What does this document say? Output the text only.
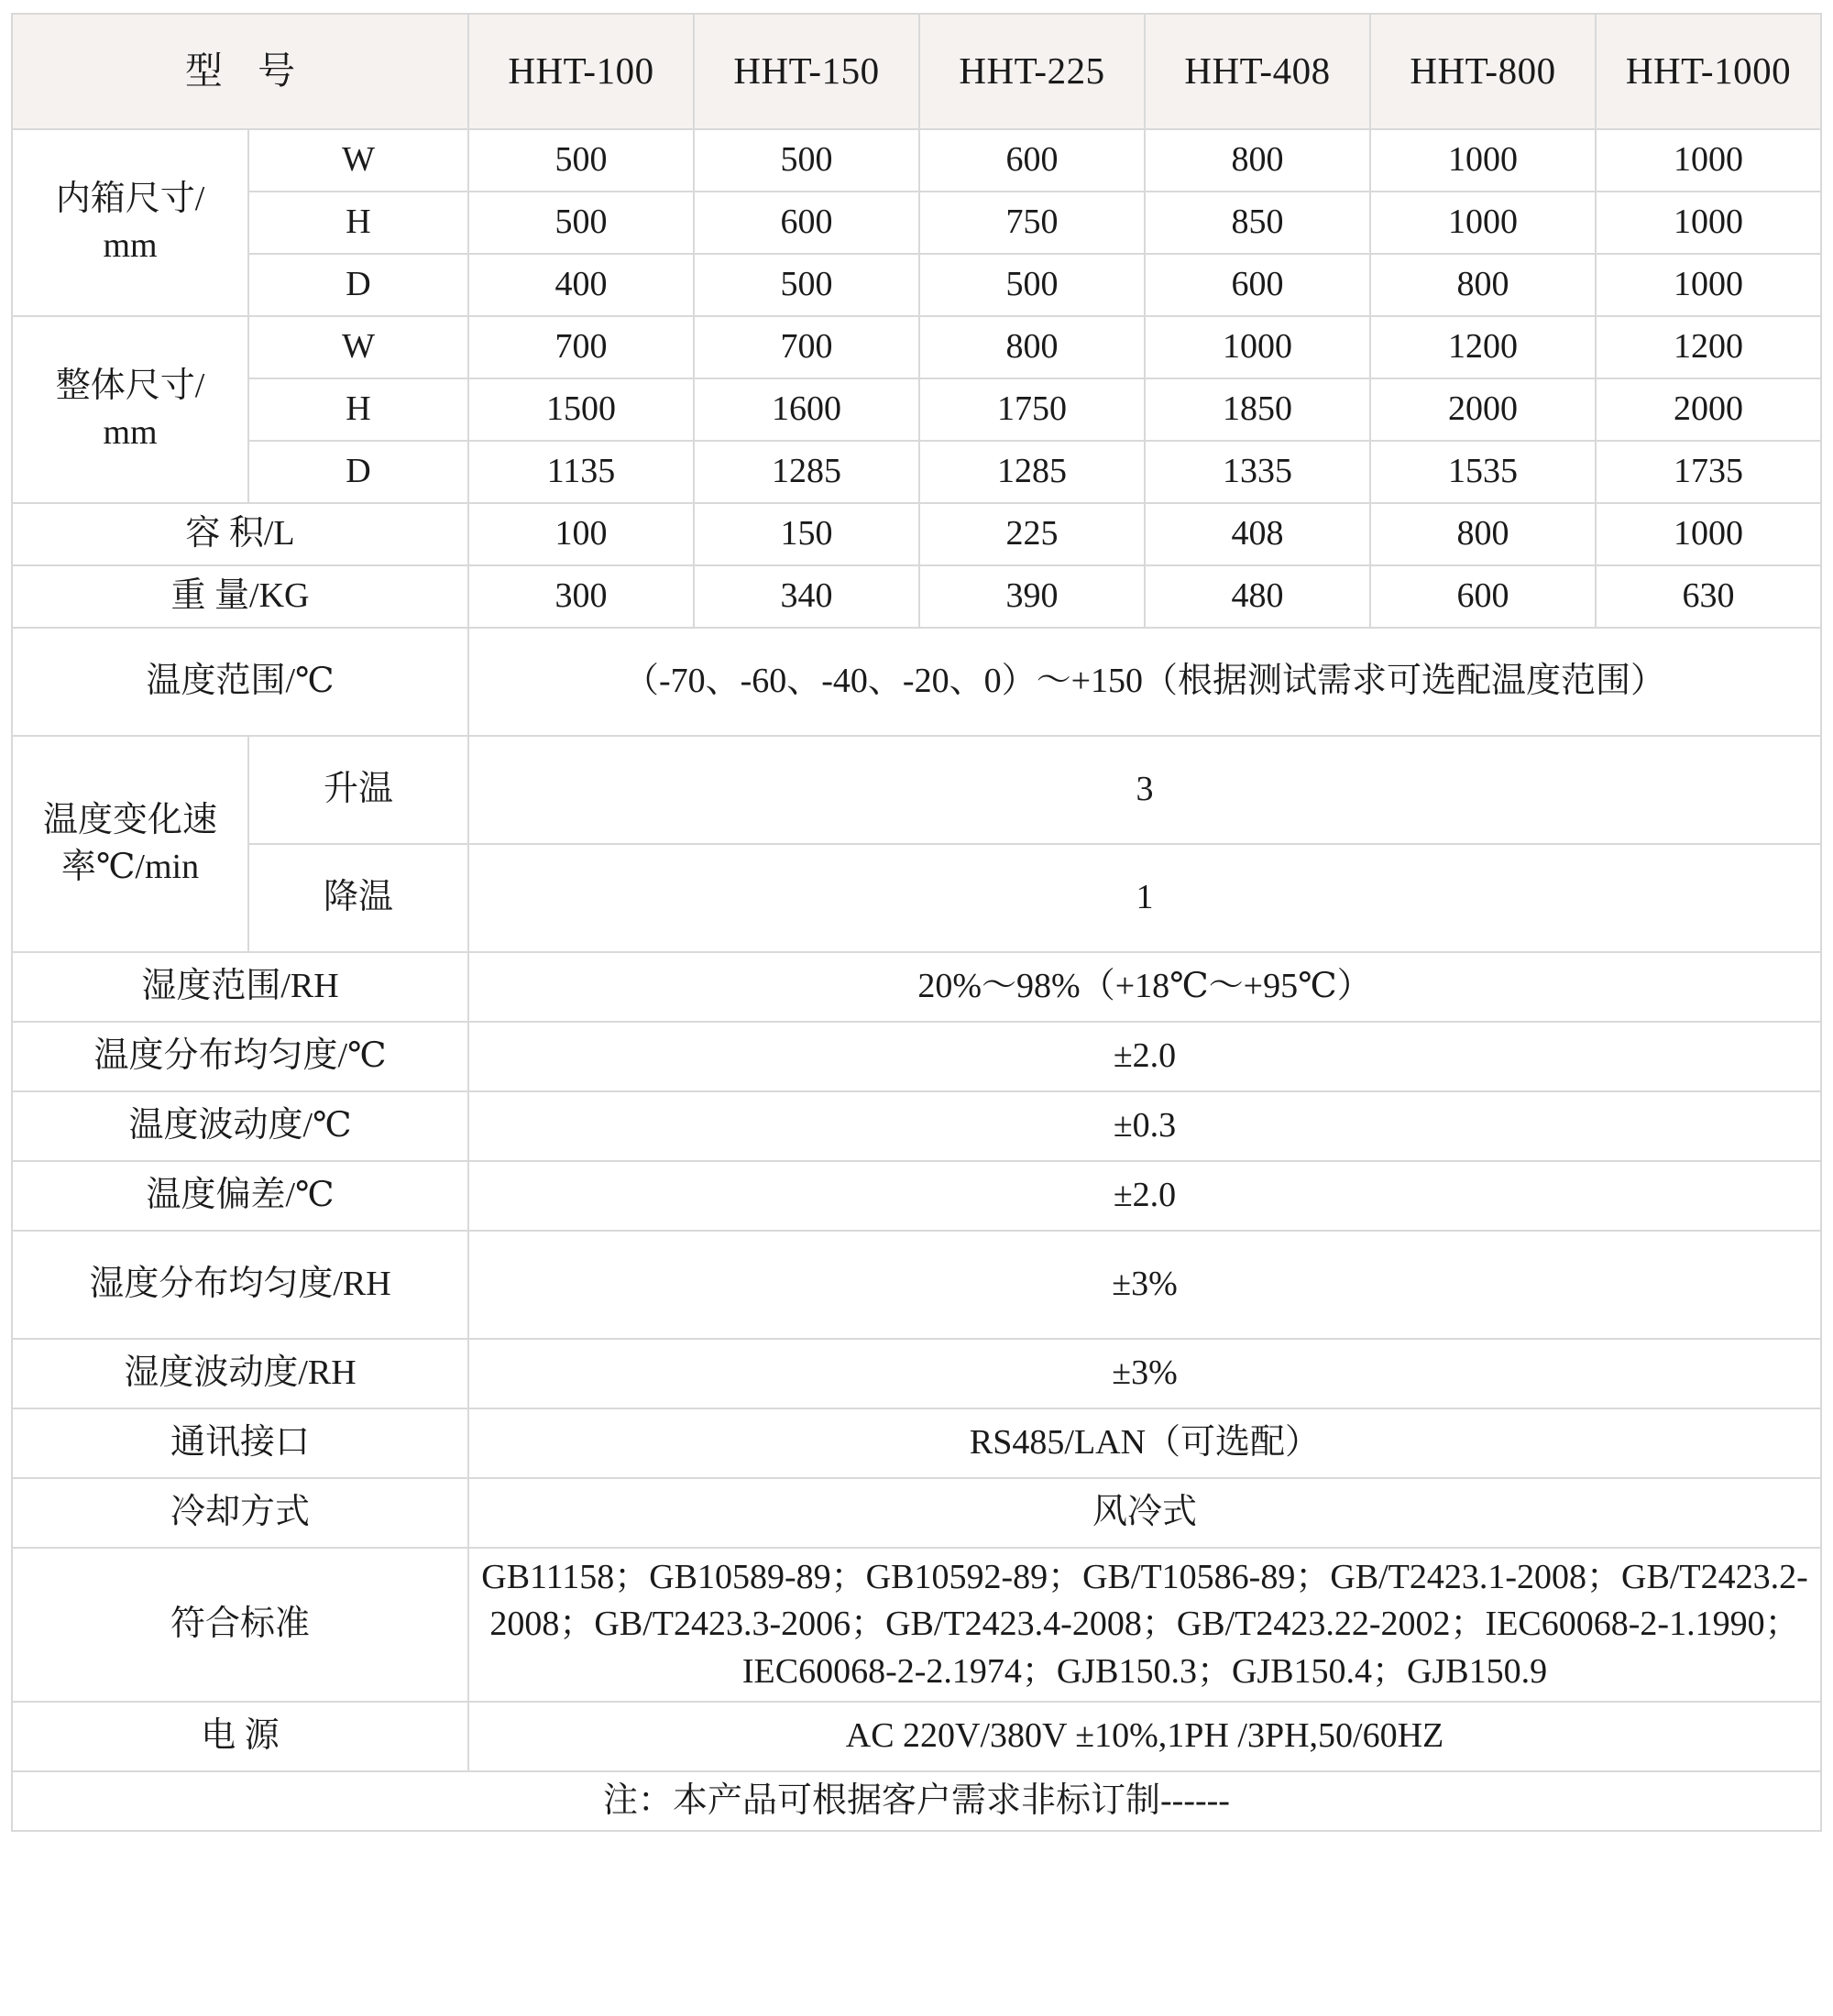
型 号		HHT-100	HHT-150	HHT-225	HHT-408	HHT-800	HHT-1000
内箱尺寸/
mm	W	500	500	600	800	1000	1000
	H	500	600	750	850	1000	1000
	D	400	500	500	600	800	1000
整体尺寸/
mm	W	700	700	800	1000	1200	1200
	H	1500	1600	1750	1850	2000	2000
	D	1135	1285	1285	1335	1535	1735
容 积/L		100	150	225	408	800	1000
重 量/KG		300	340	390	480	600	630
温度范围/℃		（-70、-60、-40、-20、0）～+150（根据测试需求可选配温度范围）					
温度变化速
率℃/min	升温	3					
	降温	1					
湿度范围/RH		20%～98%（+18℃～+95℃）					
温度分布均匀度/℃		±2.0					
温度波动度/℃		±0.3					
温度偏差/℃		±2.0					
湿度分布均匀度/RH		±3%					
湿度波动度/RH		±3%					
通讯接口		RS485/LAN（可选配）					
冷却方式		风冷式					
符合标准		GB11158；GB10589-89；GB10592-89；GB/T10586-89；GB/T2423.1-2008；GB/T2423.2-2008；GB/T2423.3-2006；GB/T2423.4-2008；GB/T2423.22-2002；IEC60068-2-1.1990；IEC60068-2-2.1974；GJB150.3；GJB150.4；GJB150.9					
电 源		AC 220V/380V ±10%,1PH /3PH,50/60HZ					
注：本产品可根据客户需求非标订制------							
